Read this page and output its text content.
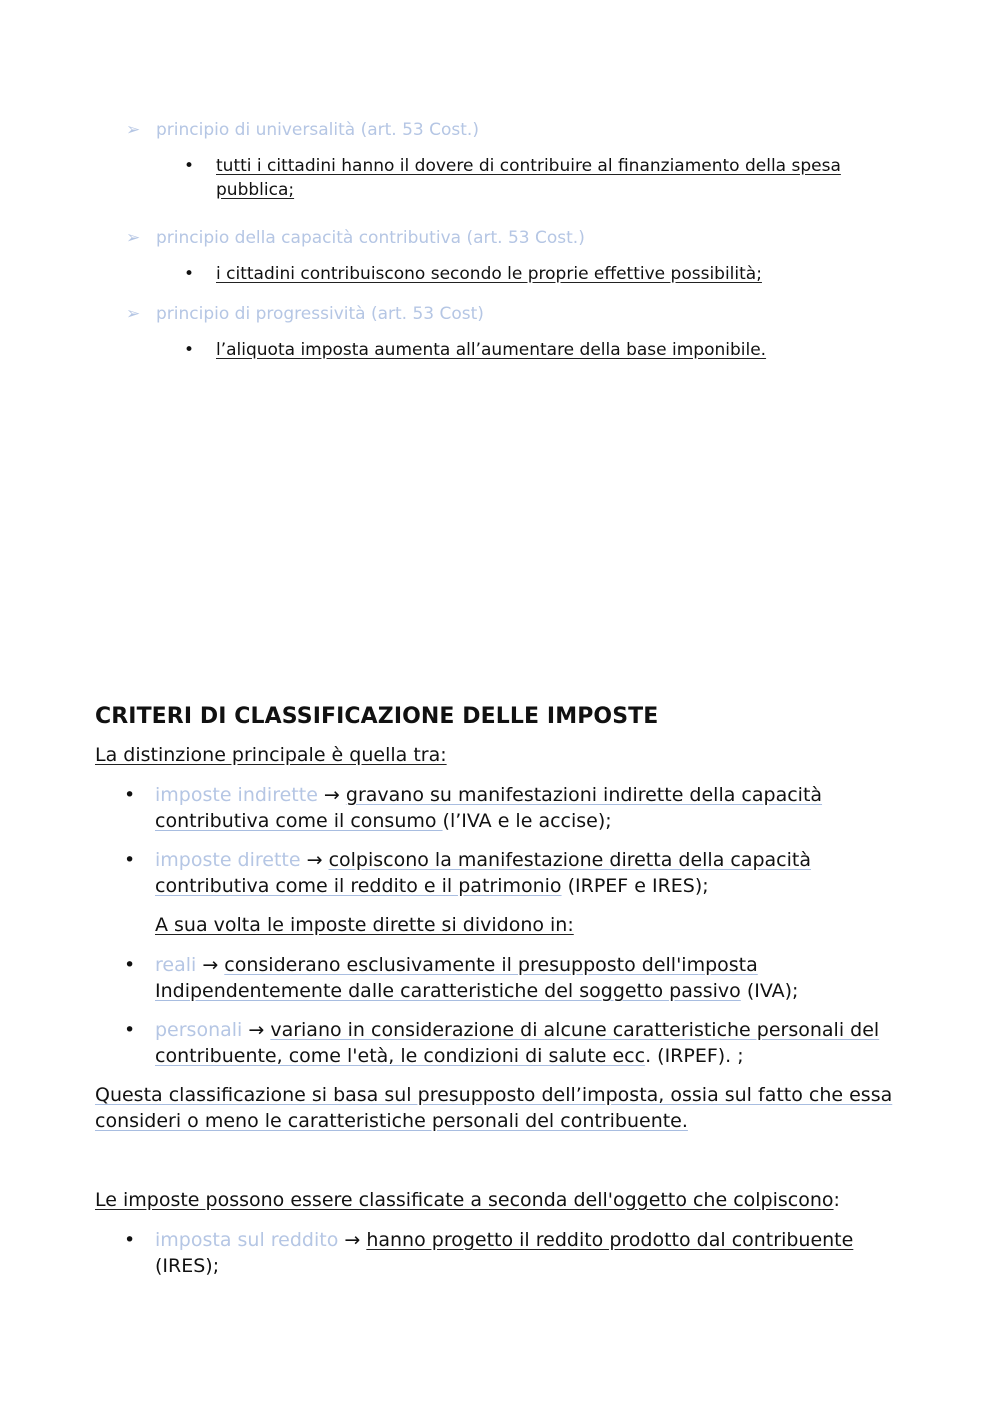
➢ principio di universalità (art. 53 Cost.)
• tutti i cittadini hanno il dovere di contribuire al finanziamento della spesa
pubblica;
➢ principio della capacità contributiva (art. 53 Cost.)
• i cittadini contribuiscono secondo le proprie effettive possibilità;
➢ principio di progressività (art. 53 Cost)
• l’aliquota imposta aumenta all’aumentare della base imponibile.
CRITERI DI CLASSIFICAZIONE DELLE IMPOSTE

La distinzione principale è quella tra:

• imposte indirette → gravano su manifestazioni indirette della capacità
contributiva come il consumo (l’IVA e le accise);
• imposte dirette → colpiscono la manifestazione diretta della capacità
contributiva come il reddito e il patrimonio (IRPEF e IRES);

A sua volta le imposte dirette si dividono in:

• reali → considerano esclusivamente il presupposto dell'imposta
Indipendentemente dalle caratteristiche del soggetto passivo (IVA);
• personali → variano in considerazione di alcune caratteristiche personali del
contribuente, come l'età, le condizioni di salute ecc. (IRPEF). ;

Questa classificazione si basa sul presupposto dell’imposta, ossia sul fatto che essa
consideri o meno le caratteristiche personali del contribuente.

Le imposte possono essere classificate a seconda dell'oggetto che colpiscono:

• imposta sul reddito → hanno progetto il reddito prodotto dal contribuente
(IRES);
